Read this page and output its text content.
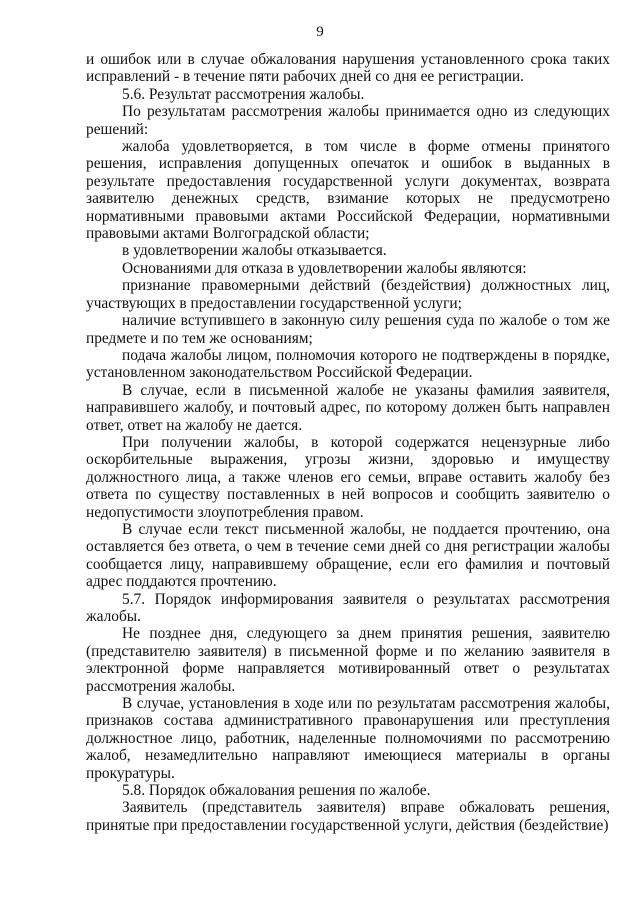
9

и ошибок или в случае обжалования нарушения установленного срока таких исправлений - в течение пяти рабочих дней со дня ее регистрации.

5.6. Результат рассмотрения жалобы.

По результатам рассмотрения жалобы принимается одно из следующих решений:

жалоба удовлетворяется, в том числе в форме отмены принятого решения, исправления допущенных опечаток и ошибок в выданных в результате предоставления государственной услуги документах, возврата заявителю денежных средств, взимание которых не предусмотрено нормативными правовыми актами Российской Федерации, нормативными правовыми актами Волгоградской области;

в удовлетворении жалобы отказывается.

Основаниями для отказа в удовлетворении жалобы являются:

признание правомерными действий (бездействия) должностных лиц, участвующих в предоставлении государственной услуги;

наличие вступившего в законную силу решения суда по жалобе о том же предмете и по тем же основаниям;

подача жалобы лицом, полномочия которого не подтверждены в порядке, установленном законодательством Российской Федерации.

В случае, если в письменной жалобе не указаны фамилия заявителя, направившего жалобу, и почтовый адрес, по которому должен быть направлен ответ, ответ на жалобу не дается.

При получении жалобы, в которой содержатся нецензурные либо оскорбительные выражения, угрозы жизни, здоровью и имуществу должностного лица, а также членов его семьи, вправе оставить жалобу без ответа по существу поставленных в ней вопросов и сообщить заявителю о недопустимости злоупотребления правом.

В случае если текст письменной жалобы, не поддается прочтению, она оставляется без ответа, о чем в течение семи дней со дня регистрации жалобы сообщается лицу, направившему обращение, если его фамилия и почтовый адрес поддаются прочтению.

5.7. Порядок информирования заявителя о результатах рассмотрения жалобы.

Не позднее дня, следующего за днем принятия решения, заявителю (представителю заявителя) в письменной форме и по желанию заявителя в электронной форме направляется мотивированный ответ о результатах рассмотрения жалобы.

В случае, установления в ходе или по результатам рассмотрения жалобы, признаков состава административного правонарушения или преступления должностное лицо, работник, наделенные полномочиями по рассмотрению жалоб, незамедлительно направляют имеющиеся материалы в органы прокуратуры.

5.8. Порядок обжалования решения по жалобе.

Заявитель (представитель заявителя) вправе обжаловать решения, принятые при предоставлении государственной услуги, действия (бездействие)
